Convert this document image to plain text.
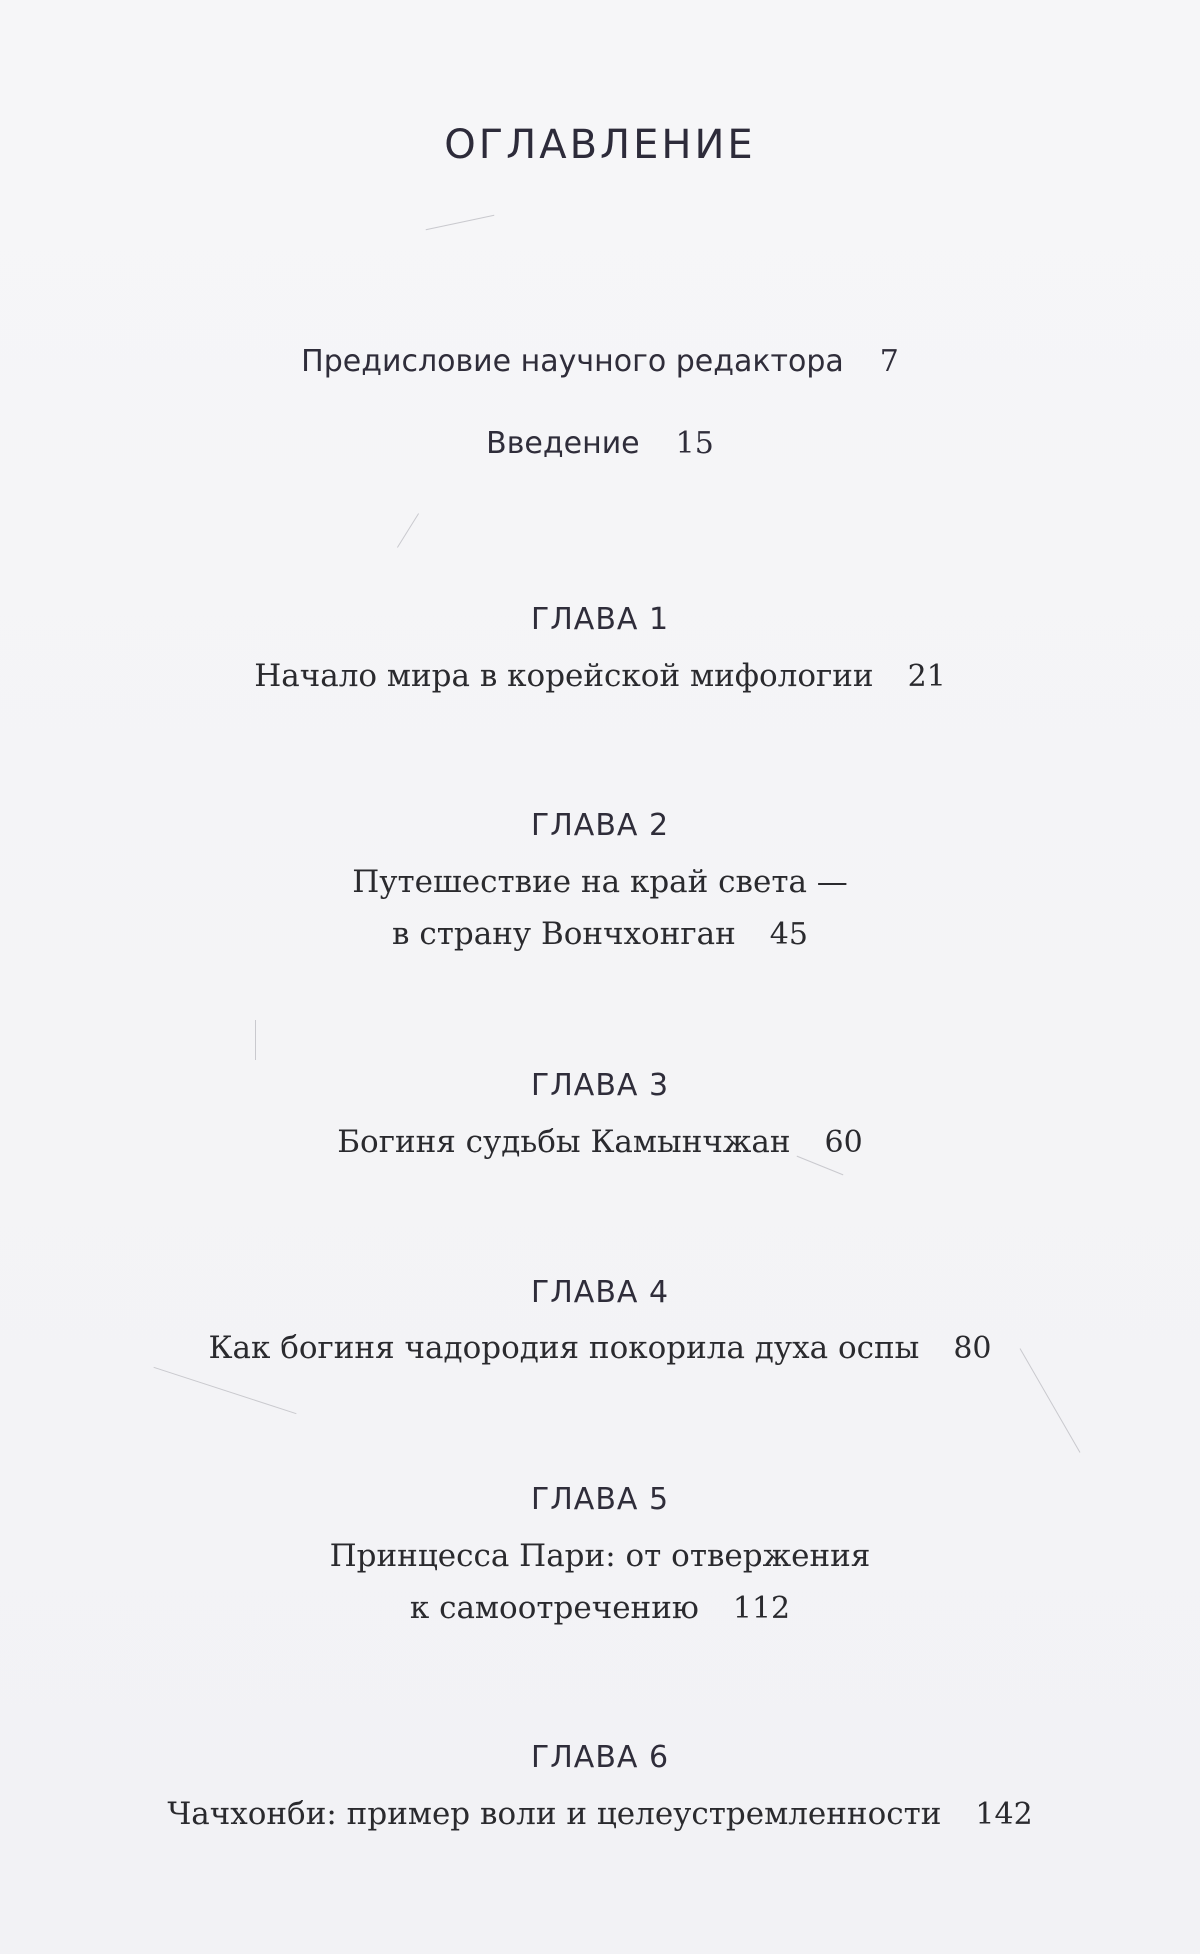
ОГЛАВЛЕНИЕ
Предисловие научного редактора 7
Введение 15
ГЛАВА 1
Начало мира в корейской мифологии 21
ГЛАВА 2
Путешествие на край света —
в страну Вончхонган 45
ГЛАВА 3
Богиня судьбы Камынчжан 60
ГЛАВА 4
Как богиня чадородия покорила духа оспы 80
ГЛАВА 5
Принцесса Пари: от отвержения
к самоотречению 112
ГЛАВА 6
Чачхонби: пример воли и целеустремленности 142
